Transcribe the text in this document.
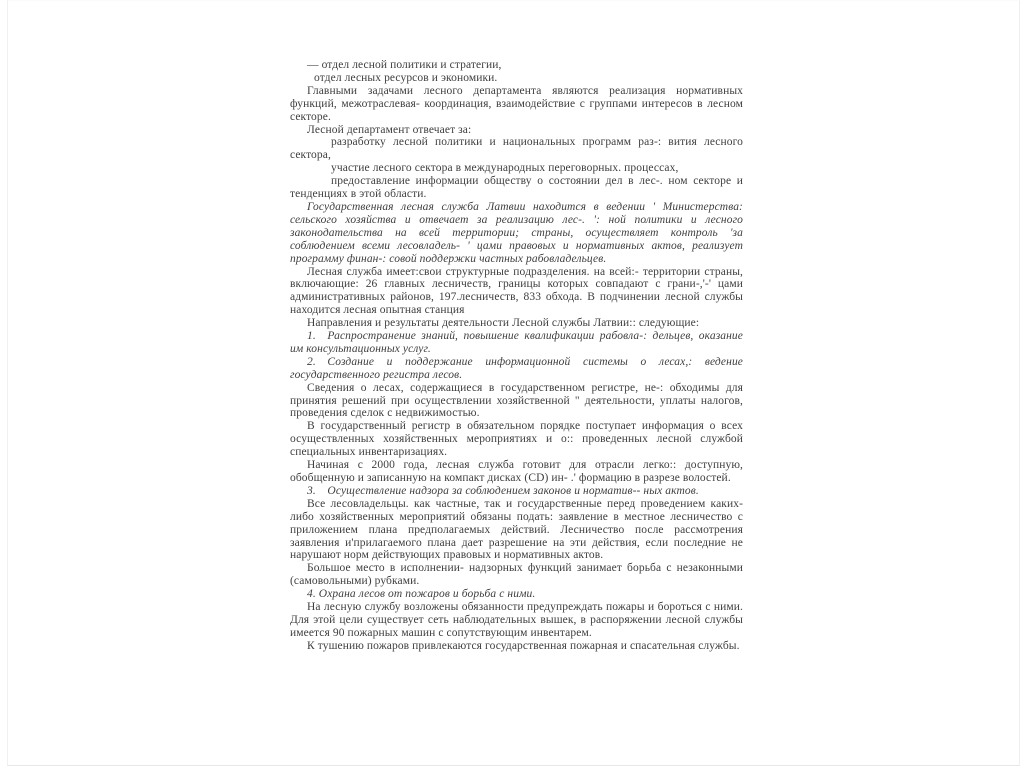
— отдел лесной политики и стратегии,

отдел лесных ресурсов и экономики.

Главными задачами лесного департамента являются реализация нормативных функций, межотраслевая- координация, взаимодействие с группами интересов в лесном секторе.

Лесной департамент отвечает за:

разработку лесной политики и национальных программ раз-: вития лесного сектора,

участие лесного сектора в международных переговорных. процессах,

предоставление информации обществу о состоянии дел в лес-. ном секторе и тенденциях в этой области.

Государственная лесная служба Латвии находится в ведении ' Министерства: сельского хозяйства и отвечает за реализацию лес-. ': ной политики и лесного законодательства на всей территории; страны, осуществляет контроль 'за соблюдением всеми лесовладель- ' цами правовых и нормативных актов, реализует программу финан-: совой поддержки частных рабовладельцев.

Лесная служба имеет:свои структурные подразделения. на всей:- территории страны, включающие: 26 главных лесничеств, границы которых совпадают с грани-,'-' цами административных районов, 197.лесничеств, 833 обхода. В подчинении лесной службы находится лесная опытная станция

Направления и результаты деятельности Лесной службы Латвии:: следующие:

1. Распространение знаний, повышение квалификации рабовла-: дельцев, оказание им консультационных услуг.

2. Создание и поддержание информационной системы о лесах,: ведение государственного регистра лесов.

Сведения о лесах, содержащиеся в государственном регистре, не-: обходимы для принятия решений при осуществлении хозяйственной " деятельности, уплаты налогов, проведения сделок с недвижимостью.

В государственный регистр в обязательном порядке поступает информация о всех осуществленных хозяйственных мероприятиях и о:: проведенных лесной службой специальных инвентаризациях.

Начиная с 2000 года, лесная служба готовит для отрасли легко:: доступную, обобщенную и записанную на компакт дисках (CD) ин- .' формацию в разрезе волостей.

3. Осуществление надзора за соблюдением законов и норматив-- ных актов.

Все лесовладельцы. как частные, так и государственные перед проведением каких-либо хозяйственных мероприятий обязаны подать: заявление в местное лесничество с приложением плана предполагаемых действий. Лесничество после рассмотрения заявления и'прилагаемого плана дает разрешение на эти действия, если последние не нарушают норм действующих правовых и нормативных актов.

Большое место в исполнении- надзорных функций занимает борьба с незаконными (самовольными) рубками.

4. Охрана лесов от пожаров и борьба с ними.

На лесную службу возложены обязанности предупреждать пожары и бороться с ними. Для этой цели существует сеть наблюдательных вышек, в распоряжении лесной службы имеется 90 пожарных машин с сопутствующим инвентарем.

К тушению пожаров привлекаются государственная пожарная и спасательная службы.
